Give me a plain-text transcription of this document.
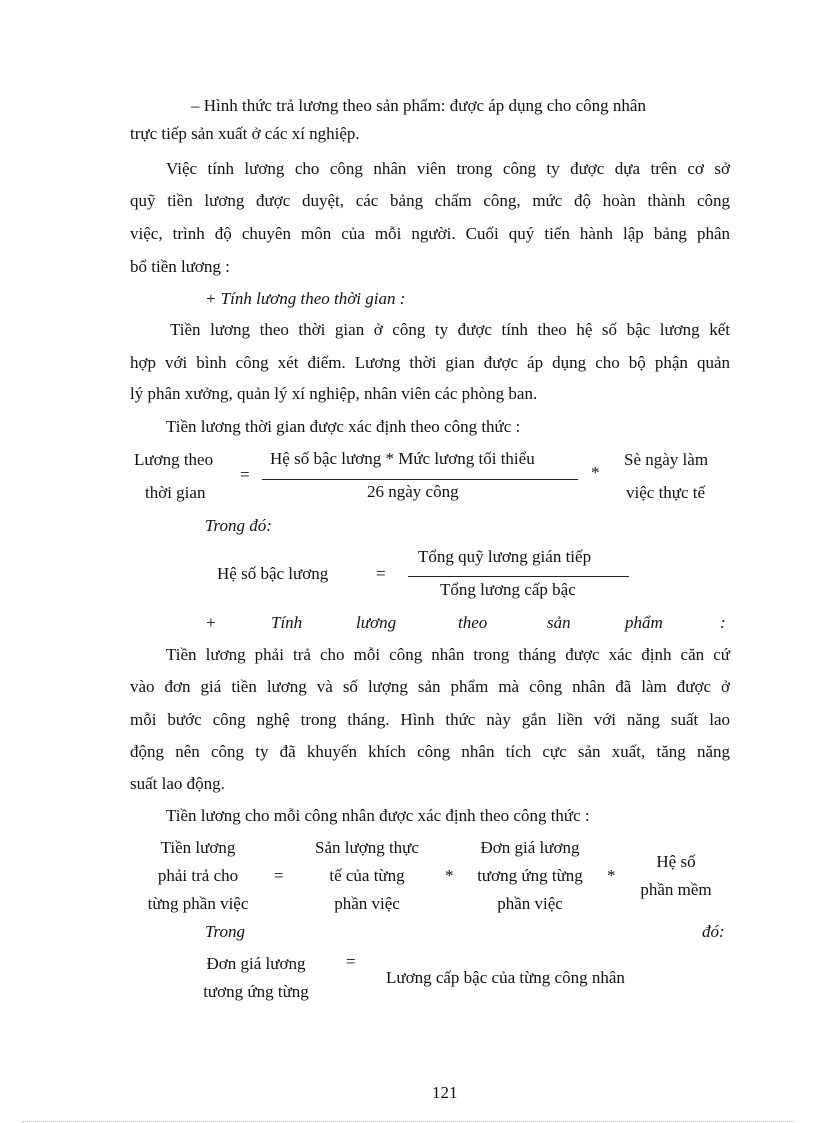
– Hình thức trả lương theo sản phẩm: được áp dụng cho công nhân
trực tiếp sản xuất ở các xí nghiệp.
Việc tính lương cho công nhân viên trong công ty được dựa trên cơ sở
quỹ tiền lương được duyệt, các bảng chấm công, mức độ hoàn thành công
việc, trình độ chuyên môn của mỗi người. Cuối quý tiến hành lập bảng phân
bổ tiền lương :
+ Tính lương theo thời gian :
Tiền lương theo thời gian ở công ty được tính theo hệ số bậc lương kết
hợp với bình công xét điểm. Lương thời gian được áp dụng cho bộ phận quản
lý phân xưởng, quản lý xí nghiệp, nhân viên các phòng ban.
Tiền lương thời gian được xác định theo công thức :
Lương theo
thời gian
=
Hệ số bậc lương * Mức lương tối thiểu
26 ngày công
*
Sè ngày làm
việc thực tế
Trong đó:
Hệ số bậc lương	=
Tổng quỹ lương gián tiếp
Tổng lương cấp bậc
+	Tính	lương	theo	sản	phẩm	:
Tiền lương phải trả cho mỗi công nhân trong tháng được xác định căn cứ
vào đơn giá tiền lương và số lượng sản phẩm mà công nhân đã làm được ở
mỗi bước công nghệ trong tháng. Hình thức này gắn liền với năng suất lao
động nên công ty đã khuyến khích công nhân tích cực sản xuất, tăng năng
suất lao động.
Tiền lương cho mỗi công nhân được xác định theo công thức :
Tiền lương
phải trả cho
từng phần việc
=
Sản lượng thực
tế của từng
phần việc
*
Đơn giá lương
tương ứng từng
phần việc
*
Hệ số
phần mềm
Trong	đó:
Đơn giá lương
tương ứng từng
=
Lương cấp bậc của từng công nhân
121
